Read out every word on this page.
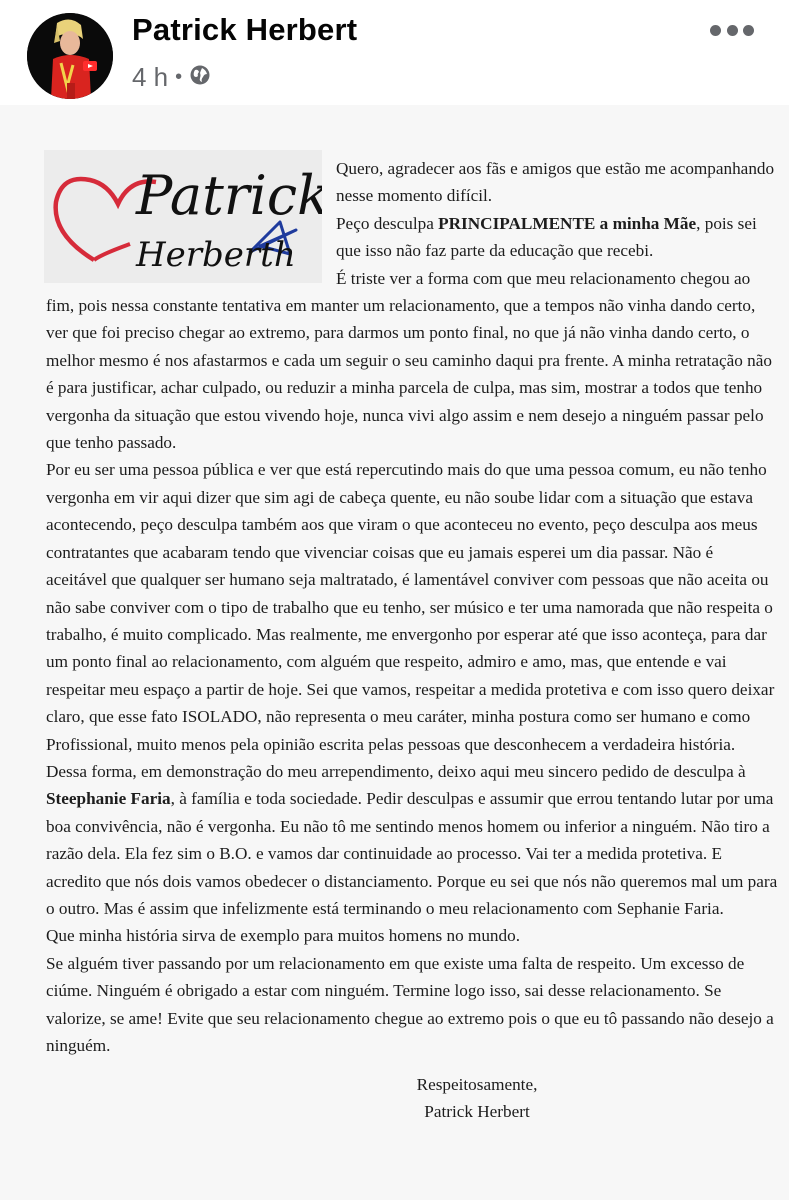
Patrick Herbert
4 h •
Patrick
Herberth

Quero, agradecer aos fãs e amigos que estão me acompanhando nesse momento difícil.

Peço desculpa PRINCIPALMENTE a minha Mãe, pois sei que isso não faz parte da educação que recebi.

É triste ver a forma com que meu relacionamento chegou ao fim, pois nessa constante tentativa em manter um relacionamento, que a tempos não vinha dando certo, ver que foi preciso chegar ao extremo, para darmos um ponto final, no que já não vinha dando certo, o melhor mesmo é nos afastarmos e cada um seguir o seu caminho daqui pra frente. A minha retratação não é para justificar, achar culpado, ou reduzir a minha parcela de culpa, mas sim, mostrar a todos que tenho vergonha da situação que estou vivendo hoje, nunca vivi algo assim e nem desejo a ninguém passar pelo que tenho passado.

Por eu ser uma pessoa pública e ver que está repercutindo mais do que uma pessoa comum, eu não tenho vergonha em vir aqui dizer que sim agi de cabeça quente, eu não soube lidar com a situação que estava acontecendo, peço desculpa também aos que viram o que aconteceu no evento, peço desculpa aos meus contratantes que acabaram tendo que vivenciar coisas que eu jamais esperei um dia passar. Não é aceitável que qualquer ser humano seja maltratado, é lamentável conviver com pessoas que não aceita ou não sabe conviver com o tipo de trabalho que eu tenho, ser músico e ter uma namorada que não respeita o trabalho, é muito complicado. Mas realmente, me envergonho por esperar até que isso aconteça, para dar um ponto final ao relacionamento, com alguém que respeito, admiro e amo, mas, que entende e vai respeitar meu espaço a partir de hoje. Sei que vamos, respeitar a medida protetiva e com isso quero deixar claro, que esse fato ISOLADO, não representa o meu caráter, minha postura como ser humano e como Profissional, muito menos pela opinião escrita pelas pessoas que desconhecem a verdadeira história. Dessa forma, em demonstração do meu arrependimento, deixo aqui meu sincero pedido de desculpa à Steephanie Faria, à família e toda sociedade. Pedir desculpas e assumir que errou tentando lutar por uma boa convivência, não é vergonha. Eu não tô me sentindo menos homem ou inferior a ninguém. Não tiro a razão dela. Ela fez sim o B.O. e vamos dar continuidade ao processo. Vai ter a medida protetiva. E acredito que nós dois vamos obedecer o distanciamento. Porque eu sei que nós não queremos mal um para o outro. Mas é assim que infelizmente está terminando o meu relacionamento com Sephanie Faria.

Que minha história sirva de exemplo para muitos homens no mundo.

Se alguém tiver passando por um relacionamento em que existe uma falta de respeito. Um excesso de ciúme. Ninguém é obrigado a estar com ninguém. Termine logo isso, sai desse relacionamento. Se valorize, se ame! Evite que seu relacionamento chegue ao extremo pois o que eu tô passando não desejo a ninguém.

Respeitosamente,
Patrick Herbert
